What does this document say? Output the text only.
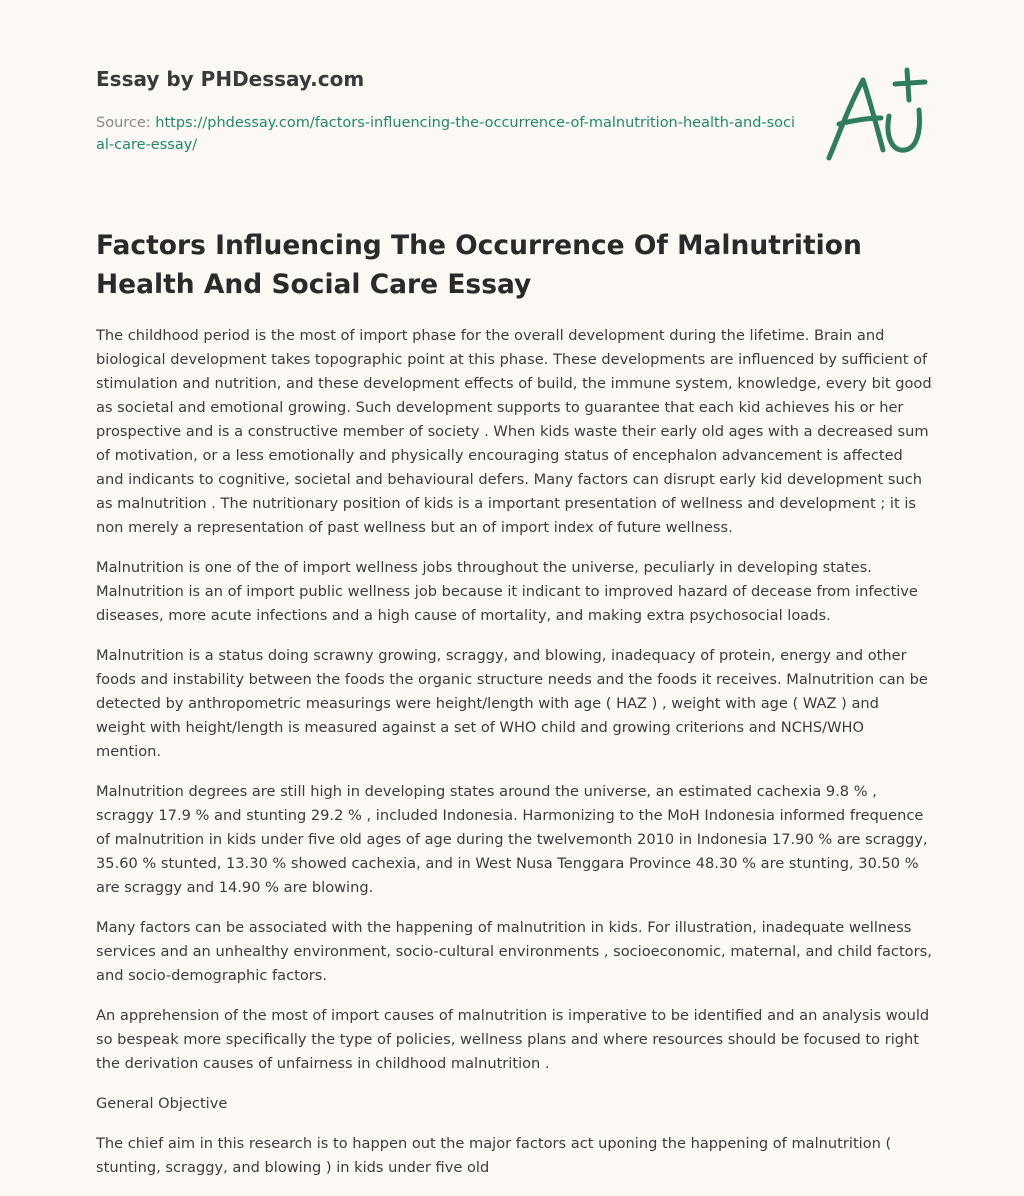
Essay by PHDessay.com
Source: https://phdessay.com/factors-influencing-the-occurrence-of-malnutrition-health-and-social-care-essay/
Factors Influencing The Occurrence Of Malnutrition Health And Social Care Essay

The childhood period is the most of import phase for the overall development during the lifetime. Brain and biological development takes topographic point at this phase. These developments are influenced by sufficient of stimulation and nutrition, and these development effects of build, the immune system, knowledge, every bit good as societal and emotional growing. Such development supports to guarantee that each kid achieves his or her prospective and is a constructive member of society . When kids waste their early old ages with a decreased sum of motivation, or a less emotionally and physically encouraging status of encephalon advancement is affected and indicants to cognitive, societal and behavioural defers. Many factors can disrupt early kid development such as malnutrition . The nutritionary position of kids is a important presentation of wellness and development ; it is non merely a representation of past wellness but an of import index of future wellness.

Malnutrition is one of the of import wellness jobs throughout the universe, peculiarly in developing states. Malnutrition is an of import public wellness job because it indicant to improved hazard of decease from infective diseases, more acute infections and a high cause of mortality, and making extra psychosocial loads.

Malnutrition is a status doing scrawny growing, scraggy, and blowing, inadequacy of protein, energy and other foods and instability between the foods the organic structure needs and the foods it receives. Malnutrition can be detected by anthropometric measurings were height/length with age ( HAZ ) , weight with age ( WAZ ) and weight with height/length is measured against a set of WHO child and growing criterions and NCHS/WHO mention.

Malnutrition degrees are still high in developing states around the universe, an estimated cachexia 9.8 % , scraggy 17.9 % and stunting 29.2 % , included Indonesia. Harmonizing to the MoH Indonesia informed frequence of malnutrition in kids under five old ages of age during the twelvemonth 2010 in Indonesia 17.90 % are scraggy, 35.60 % stunted, 13.30 % showed cachexia, and in West Nusa Tenggara Province 48.30 % are stunting, 30.50 % are scraggy and 14.90 % are blowing.

Many factors can be associated with the happening of malnutrition in kids. For illustration, inadequate wellness services and an unhealthy environment, socio-cultural environments , socioeconomic, maternal, and child factors, and socio-demographic factors.

An apprehension of the most of import causes of malnutrition is imperative to be identified and an analysis would so bespeak more specifically the type of policies, wellness plans and where resources should be focused to right the derivation causes of unfairness in childhood malnutrition .

General Objective

The chief aim in this research is to happen out the major factors act uponing the happening of malnutrition ( stunting, scraggy, and blowing ) in kids under five old
